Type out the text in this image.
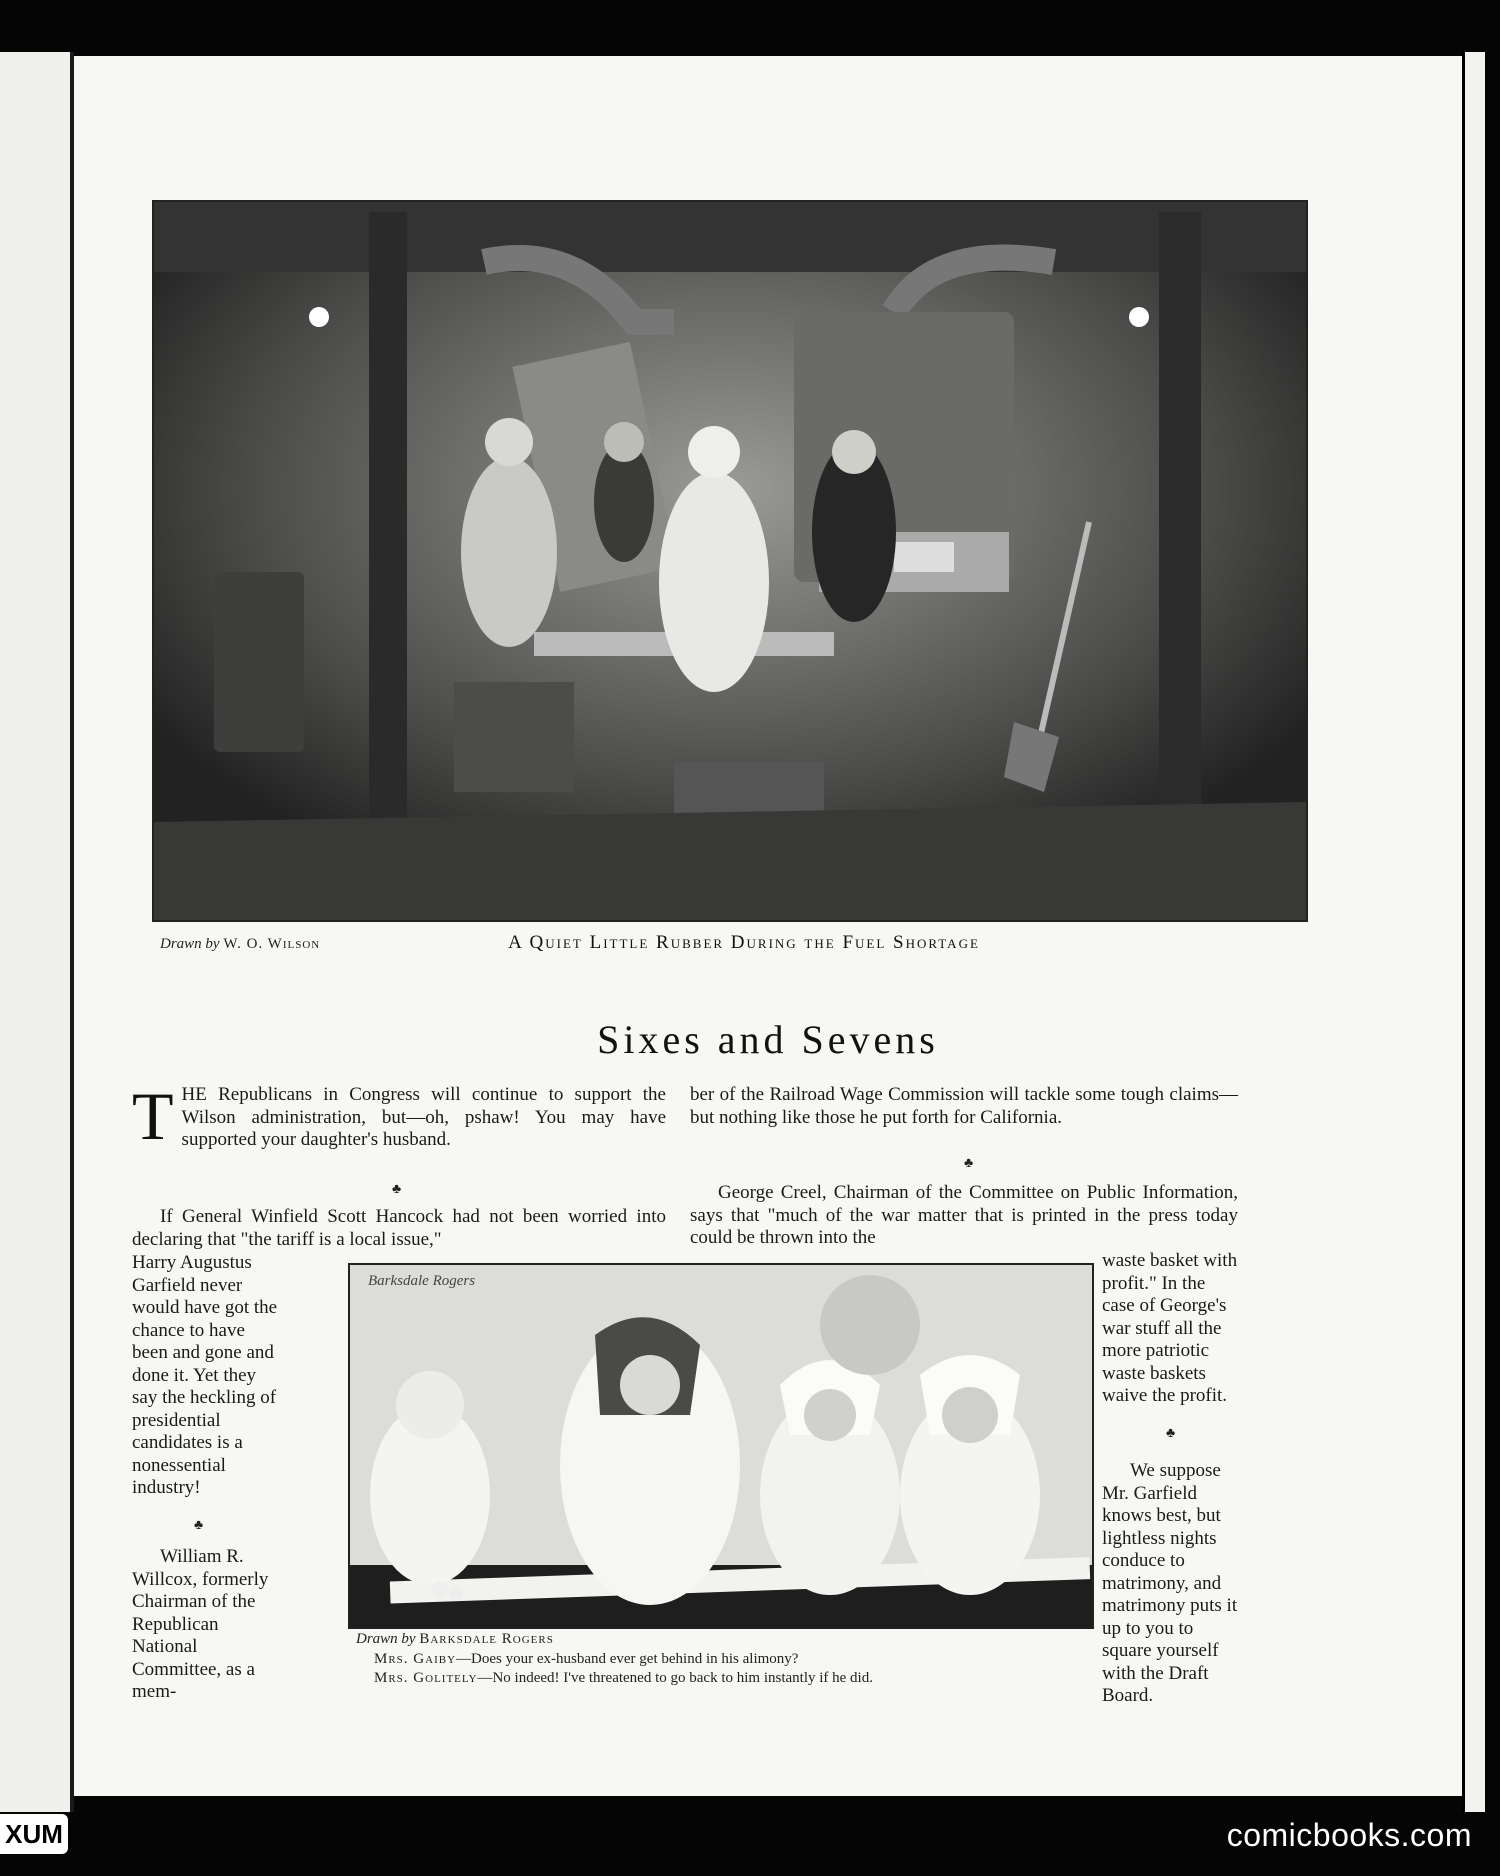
Drawn by W. O. Wilson	A Quiet Little Rubber During the Fuel Shortage
Sixes and Sevens

THE Republicans in Congress will continue to support the Wilson administration, but—oh, pshaw! You may have supported your daughter's husband.

♣

If General Winfield Scott Hancock had not been worried into declaring that "the tariff is a local issue,"

Harry Augustus Garfield never would have got the chance to have been and gone and done it. Yet they say the heckling of presidential candidates is a nonessential industry!

♣

William R. Willcox, formerly Chairman of the Republican National Committee, as a mem-

ber of the Railroad Wage Commission will tackle some tough claims—but nothing like those he put forth for California.

♣

George Creel, Chairman of the Committee on Public Information, says that "much of the war matter that is printed in the press today could be thrown into the

waste basket with profit." In the case of George's war stuff all the more patriotic waste baskets waive the profit.

♣

We suppose Mr. Garfield knows best, but lightless nights conduce to matrimony, and matrimony puts it up to you to square yourself with the Draft Board.

Barksdale Rogers
Drawn by Barksdale Rogers
Mrs. Gaiby—Does your ex-husband ever get behind in his alimony?
Mrs. Golitely—No indeed! I've threatened to go back to him instantly if he did.
XUM	comicbooks.com
